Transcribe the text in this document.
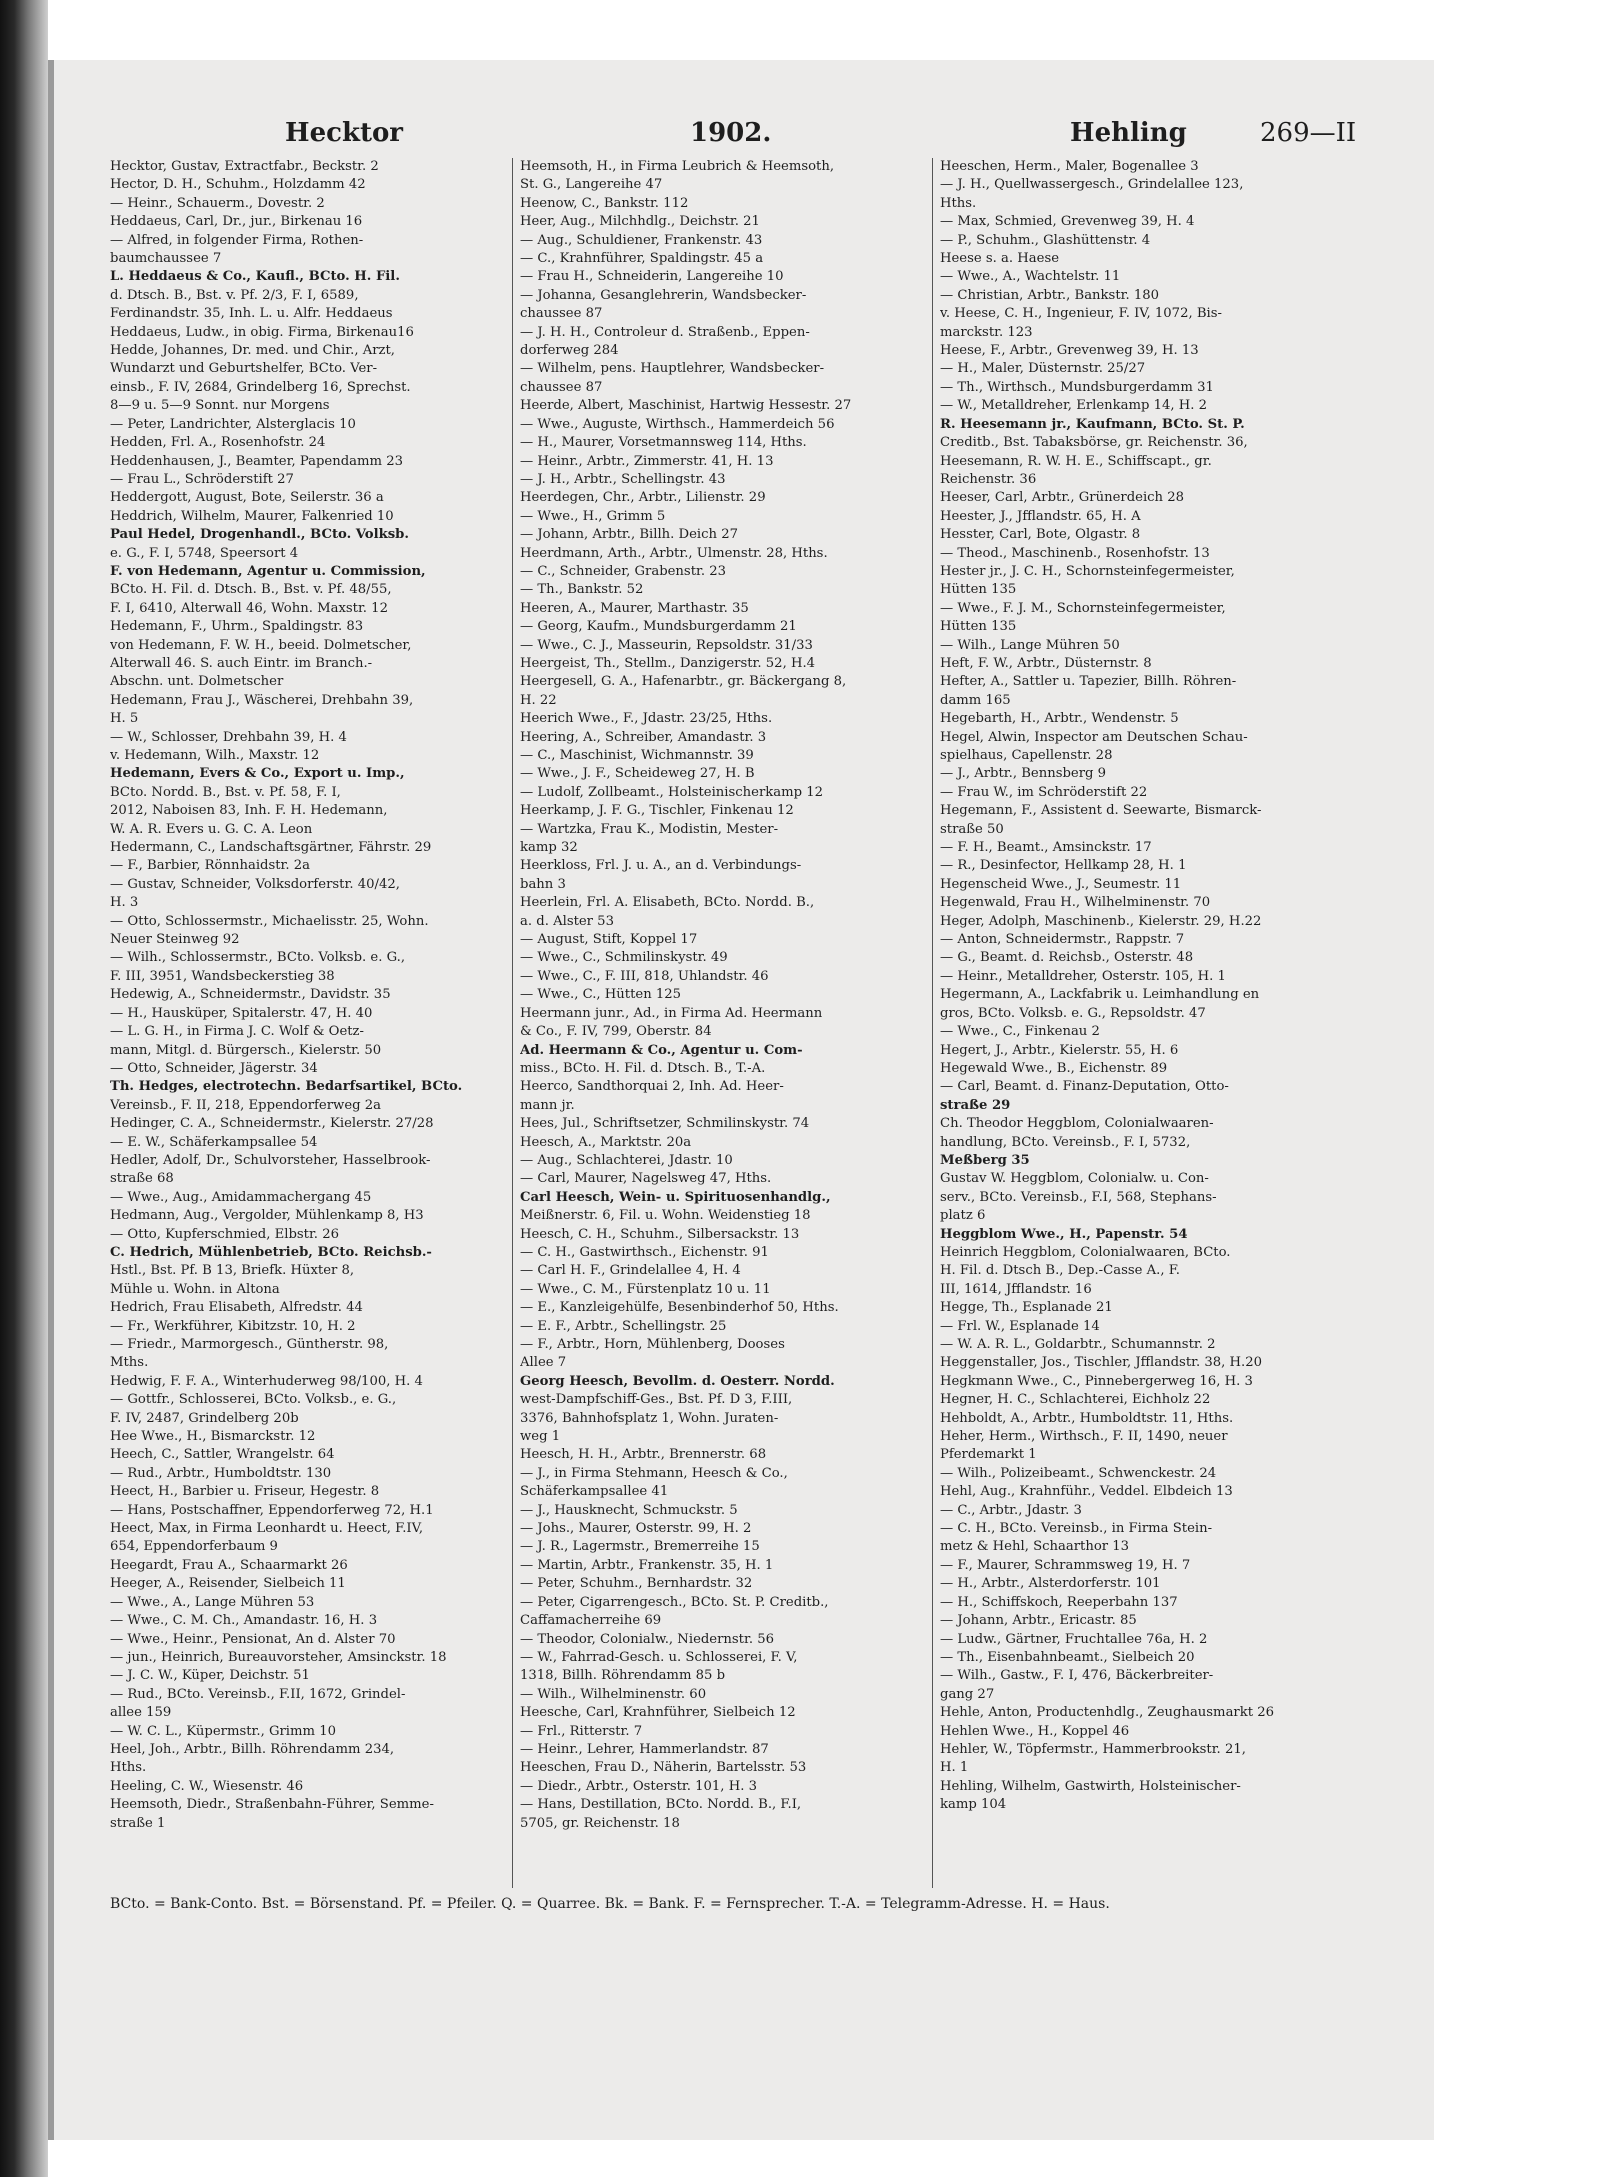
Hecktor	1902.	Hehling	269—II
Hecktor, Gustav, Extractfabr., Beckstr. 2
Hector, D. H., Schuhm., Holzdamm 42
— Heinr., Schauerm., Dovestr. 2
Heddaeus, Carl, Dr., jur., Birkenau 16
— Alfred, in folgender Firma, Rothen-
baumchaussee 7
L. Heddaeus & Co., Kaufl., BCto. H. Fil.
d. Dtsch. B., Bst. v. Pf. 2/3, F. I, 6589,
Ferdinandstr. 35, Inh. L. u. Alfr. Heddaeus
Heddaeus, Ludw., in obig. Firma, Birkenau16
Hedde, Johannes, Dr. med. und Chir., Arzt,
Wundarzt und Geburtshelfer, BCto. Ver-
einsb., F. IV, 2684, Grindelberg 16, Sprechst.
8—9 u. 5—9 Sonnt. nur Morgens
— Peter, Landrichter, Alsterglacis 10
Hedden, Frl. A., Rosenhofstr. 24
Heddenhausen, J., Beamter, Papendamm 23
— Frau L., Schröderstift 27
Heddergott, August, Bote, Seilerstr. 36 a
Heddrich, Wilhelm, Maurer, Falkenried 10
Paul Hedel, Drogenhandl., BCto. Volksb.
e. G., F. I, 5748, Speersort 4
F. von Hedemann, Agentur u. Commission,
BCto. H. Fil. d. Dtsch. B., Bst. v. Pf. 48/55,
F. I, 6410, Alterwall 46, Wohn. Maxstr. 12
Hedemann, F., Uhrm., Spaldingstr. 83
von Hedemann, F. W. H., beeid. Dolmetscher,
Alterwall 46. S. auch Eintr. im Branch.-
Abschn. unt. Dolmetscher
Hedemann, Frau J., Wäscherei, Drehbahn 39,
H. 5
— W., Schlosser, Drehbahn 39, H. 4
v. Hedemann, Wilh., Maxstr. 12
Hedemann, Evers & Co., Export u. Imp.,
BCto. Nordd. B., Bst. v. Pf. 58, F. I,
2012, Naboisen 83, Inh. F. H. Hedemann,
W. A. R. Evers u. G. C. A. Leon
Hedermann, C., Landschaftsgärtner, Fährstr. 29
— F., Barbier, Rönnhaidstr. 2a
— Gustav, Schneider, Volksdorferstr. 40/42,
H. 3
— Otto, Schlossermstr., Michaelisstr. 25, Wohn.
Neuer Steinweg 92
— Wilh., Schlossermstr., BCto. Volksb. e. G.,
F. III, 3951, Wandsbeckerstieg 38
Hedewig, A., Schneidermstr., Davidstr. 35
— H., Hausküper, Spitalerstr. 47, H. 40
— L. G. H., in Firma J. C. Wolf & Oetz-
mann, Mitgl. d. Bürgersch., Kielerstr. 50
— Otto, Schneider, Jägerstr. 34
Th. Hedges, electrotechn. Bedarfsartikel, BCto.
Vereinsb., F. II, 218, Eppendorferweg 2a
Hedinger, C. A., Schneidermstr., Kielerstr. 27/28
— E. W., Schäferkampsallee 54
Hedler, Adolf, Dr., Schulvorsteher, Hasselbrook-
straße 68
— Wwe., Aug., Amidammachergang 45
Hedmann, Aug., Vergolder, Mühlenkamp 8, H3
— Otto, Kupferschmied, Elbstr. 26
C. Hedrich, Mühlenbetrieb, BCto. Reichsb.-
Hstl., Bst. Pf. B 13, Briefk. Hüxter 8,
Mühle u. Wohn. in Altona
Hedrich, Frau Elisabeth, Alfredstr. 44
— Fr., Werkführer, Kibitzstr. 10, H. 2
— Friedr., Marmorgesch., Güntherstr. 98,
Mths.
Hedwig, F. F. A., Winterhuderweg 98/100, H. 4
— Gottfr., Schlosserei, BCto. Volksb., e. G.,
F. IV, 2487, Grindelberg 20b
Hee Wwe., H., Bismarckstr. 12
Heech, C., Sattler, Wrangelstr. 64
— Rud., Arbtr., Humboldtstr. 130
Heect, H., Barbier u. Friseur, Hegestr. 8
— Hans, Postschaffner, Eppendorferweg 72, H.1
Heect, Max, in Firma Leonhardt u. Heect, F.IV,
654, Eppendorferbaum 9
Heegardt, Frau A., Schaarmarkt 26
Heeger, A., Reisender, Sielbeich 11
— Wwe., A., Lange Mühren 53
— Wwe., C. M. Ch., Amandastr. 16, H. 3
— Wwe., Heinr., Pensionat, An d. Alster 70
— jun., Heinrich, Bureauvorsteher, Amsinckstr. 18
— J. C. W., Küper, Deichstr. 51
— Rud., BCto. Vereinsb., F.II, 1672, Grindel-
allee 159
— W. C. L., Küpermstr., Grimm 10
Heel, Joh., Arbtr., Billh. Röhrendamm 234,
Hths.
Heeling, C. W., Wiesenstr. 46
Heemsoth, Diedr., Straßenbahn-Führer, Semme-
straße 1
Heemsoth, H., in Firma Leubrich & Heemsoth,
St. G., Langereihe 47
Heenow, C., Bankstr. 112
Heer, Aug., Milchhdlg., Deichstr. 21
— Aug., Schuldiener, Frankenstr. 43
— C., Krahnführer, Spaldingstr. 45 a
— Frau H., Schneiderin, Langereihe 10
— Johanna, Gesanglehrerin, Wandsbecker-
chaussee 87
— J. H. H., Controleur d. Straßenb., Eppen-
dorferweg 284
— Wilhelm, pens. Hauptlehrer, Wandsbecker-
chaussee 87
Heerde, Albert, Maschinist, Hartwig Hessestr. 27
— Wwe., Auguste, Wirthsch., Hammerdeich 56
— H., Maurer, Vorsetmannsweg 114, Hths.
— Heinr., Arbtr., Zimmerstr. 41, H. 13
— J. H., Arbtr., Schellingstr. 43
Heerdegen, Chr., Arbtr., Lilienstr. 29
— Wwe., H., Grimm 5
— Johann, Arbtr., Billh. Deich 27
Heerdmann, Arth., Arbtr., Ulmenstr. 28, Hths.
— C., Schneider, Grabenstr. 23
— Th., Bankstr. 52
Heeren, A., Maurer, Marthastr. 35
— Georg, Kaufm., Mundsburgerdamm 21
— Wwe., C. J., Masseurin, Repsoldstr. 31/33
Heergeist, Th., Stellm., Danzigerstr. 52, H.4
Heergesell, G. A., Hafenarbtr., gr. Bäckergang 8,
H. 22
Heerich Wwe., F., Jdastr. 23/25, Hths.
Heering, A., Schreiber, Amandastr. 3
— C., Maschinist, Wichmannstr. 39
— Wwe., J. F., Scheideweg 27, H. B
— Ludolf, Zollbeamt., Holsteinischerkamp 12
Heerkamp, J. F. G., Tischler, Finkenau 12
— Wartzka, Frau K., Modistin, Mester-
kamp 32
Heerkloss, Frl. J. u. A., an d. Verbindungs-
bahn 3
Heerlein, Frl. A. Elisabeth, BCto. Nordd. B.,
a. d. Alster 53
— August, Stift, Koppel 17
— Wwe., C., Schmilinskystr. 49
— Wwe., C., F. III, 818, Uhlandstr. 46
— Wwe., C., Hütten 125
Heermann junr., Ad., in Firma Ad. Heermann
& Co., F. IV, 799, Oberstr. 84
Ad. Heermann & Co., Agentur u. Com-
miss., BCto. H. Fil. d. Dtsch. B., T.-A.
Heerco, Sandthorquai 2, Inh. Ad. Heer-
mann jr.
Hees, Jul., Schriftsetzer, Schmilinskystr. 74
Heesch, A., Marktstr. 20a
— Aug., Schlachterei, Jdastr. 10
— Carl, Maurer, Nagelsweg 47, Hths.
Carl Heesch, Wein- u. Spirituosenhandlg.,
Meißnerstr. 6, Fil. u. Wohn. Weidenstieg 18
Heesch, C. H., Schuhm., Silbersackstr. 13
— C. H., Gastwirthsch., Eichenstr. 91
— Carl H. F., Grindelallee 4, H. 4
— Wwe., C. M., Fürstenplatz 10 u. 11
— E., Kanzleigehülfe, Besenbinderhof 50, Hths.
— E. F., Arbtr., Schellingstr. 25
— F., Arbtr., Horn, Mühlenberg, Dooses
Allee 7
Georg Heesch, Bevollm. d. Oesterr. Nordd.
west-Dampfschiff-Ges., Bst. Pf. D 3, F.III,
3376, Bahnhofsplatz 1, Wohn. Juraten-
weg 1
Heesch, H. H., Arbtr., Brennerstr. 68
— J., in Firma Stehmann, Heesch & Co.,
Schäferkampsallee 41
— J., Hausknecht, Schmuckstr. 5
— Johs., Maurer, Osterstr. 99, H. 2
— J. R., Lagermstr., Bremerreihe 15
— Martin, Arbtr., Frankenstr. 35, H. 1
— Peter, Schuhm., Bernhardstr. 32
— Peter, Cigarrengesch., BCto. St. P. Creditb.,
Caffamacherreihe 69
— Theodor, Colonialw., Niedernstr. 56
— W., Fahrrad-Gesch. u. Schlosserei, F. V,
1318, Billh. Röhrendamm 85 b
— Wilh., Wilhelminenstr. 60
Heesche, Carl, Krahnführer, Sielbeich 12
— Frl., Ritterstr. 7
— Heinr., Lehrer, Hammerlandstr. 87
Heeschen, Frau D., Näherin, Bartelsstr. 53
— Diedr., Arbtr., Osterstr. 101, H. 3
— Hans, Destillation, BCto. Nordd. B., F.I,
5705, gr. Reichenstr. 18
Heeschen, Herm., Maler, Bogenallee 3
— J. H., Quellwassergesch., Grindelallee 123,
Hths.
— Max, Schmied, Grevenweg 39, H. 4
— P., Schuhm., Glashüttenstr. 4
Heese s. a. Haese
— Wwe., A., Wachtelstr. 11
— Christian, Arbtr., Bankstr. 180
v. Heese, C. H., Ingenieur, F. IV, 1072, Bis-
marckstr. 123
Heese, F., Arbtr., Grevenweg 39, H. 13
— H., Maler, Düsternstr. 25/27
— Th., Wirthsch., Mundsburgerdamm 31
— W., Metalldreher, Erlenkamp 14, H. 2
R. Heesemann jr., Kaufmann, BCto. St. P.
Creditb., Bst. Tabaksbörse, gr. Reichenstr. 36,
Heesemann, R. W. H. E., Schiffscapt., gr.
Reichenstr. 36
Heeser, Carl, Arbtr., Grünerdeich 28
Heester, J., Jfflandstr. 65, H. A
Hesster, Carl, Bote, Olgastr. 8
— Theod., Maschinenb., Rosenhofstr. 13
Hester jr., J. C. H., Schornsteinfegermeister,
Hütten 135
— Wwe., F. J. M., Schornsteinfegermeister,
Hütten 135
— Wilh., Lange Mühren 50
Heft, F. W., Arbtr., Düsternstr. 8
Hefter, A., Sattler u. Tapezier, Billh. Röhren-
damm 165
Hegebarth, H., Arbtr., Wendenstr. 5
Hegel, Alwin, Inspector am Deutschen Schau-
spielhaus, Capellenstr. 28
— J., Arbtr., Bennsberg 9
— Frau W., im Schröderstift 22
Hegemann, F., Assistent d. Seewarte, Bismarck-
straße 50
— F. H., Beamt., Amsinckstr. 17
— R., Desinfector, Hellkamp 28, H. 1
Hegenscheid Wwe., J., Seumestr. 11
Hegenwald, Frau H., Wilhelminenstr. 70
Heger, Adolph, Maschinenb., Kielerstr. 29, H.22
— Anton, Schneidermstr., Rappstr. 7
— G., Beamt. d. Reichsb., Osterstr. 48
— Heinr., Metalldreher, Osterstr. 105, H. 1
Hegermann, A., Lackfabrik u. Leimhandlung en
gros, BCto. Volksb. e. G., Repsoldstr. 47
— Wwe., C., Finkenau 2
Hegert, J., Arbtr., Kielerstr. 55, H. 6
Hegewald Wwe., B., Eichenstr. 89
— Carl, Beamt. d. Finanz-Deputation, Otto-
straße 29
Ch. Theodor Heggblom, Colonialwaaren-
handlung, BCto. Vereinsb., F. I, 5732,
Meßberg 35
Gustav W. Heggblom, Colonialw. u. Con-
serv., BCto. Vereinsb., F.I, 568, Stephans-
platz 6
Heggblom Wwe., H., Papenstr. 54
Heinrich Heggblom, Colonialwaaren, BCto.
H. Fil. d. Dtsch B., Dep.-Casse A., F.
III, 1614, Jfflandstr. 16
Hegge, Th., Esplanade 21
— Frl. W., Esplanade 14
— W. A. R. L., Goldarbtr., Schumannstr. 2
Heggenstaller, Jos., Tischler, Jfflandstr. 38, H.20
Hegkmann Wwe., C., Pinnebergerweg 16, H. 3
Hegner, H. C., Schlachterei, Eichholz 22
Hehboldt, A., Arbtr., Humboldtstr. 11, Hths.
Heher, Herm., Wirthsch., F. II, 1490, neuer
Pferdemarkt 1
— Wilh., Polizeibeamt., Schwenckestr. 24
Hehl, Aug., Krahnführ., Veddel. Elbdeich 13
— C., Arbtr., Jdastr. 3
— C. H., BCto. Vereinsb., in Firma Stein-
metz & Hehl, Schaarthor 13
— F., Maurer, Schrammsweg 19, H. 7
— H., Arbtr., Alsterdorferstr. 101
— H., Schiffskoch, Reeperbahn 137
— Johann, Arbtr., Ericastr. 85
— Ludw., Gärtner, Fruchtallee 76a, H. 2
— Th., Eisenbahnbeamt., Sielbeich 20
— Wilh., Gastw., F. I, 476, Bäckerbreiter-
gang 27
Hehle, Anton, Productenhdlg., Zeughausmarkt 26
Hehlen Wwe., H., Koppel 46
Hehler, W., Töpfermstr., Hammerbrookstr. 21,
H. 1
Hehling, Wilhelm, Gastwirth, Holsteinischer-
kamp 104
BCto. = Bank-Conto. Bst. = Börsenstand. Pf. = Pfeiler. Q. = Quarree. Bk. = Bank. F. = Fernsprecher. T.-A. = Telegramm-Adresse. H. = Haus.
